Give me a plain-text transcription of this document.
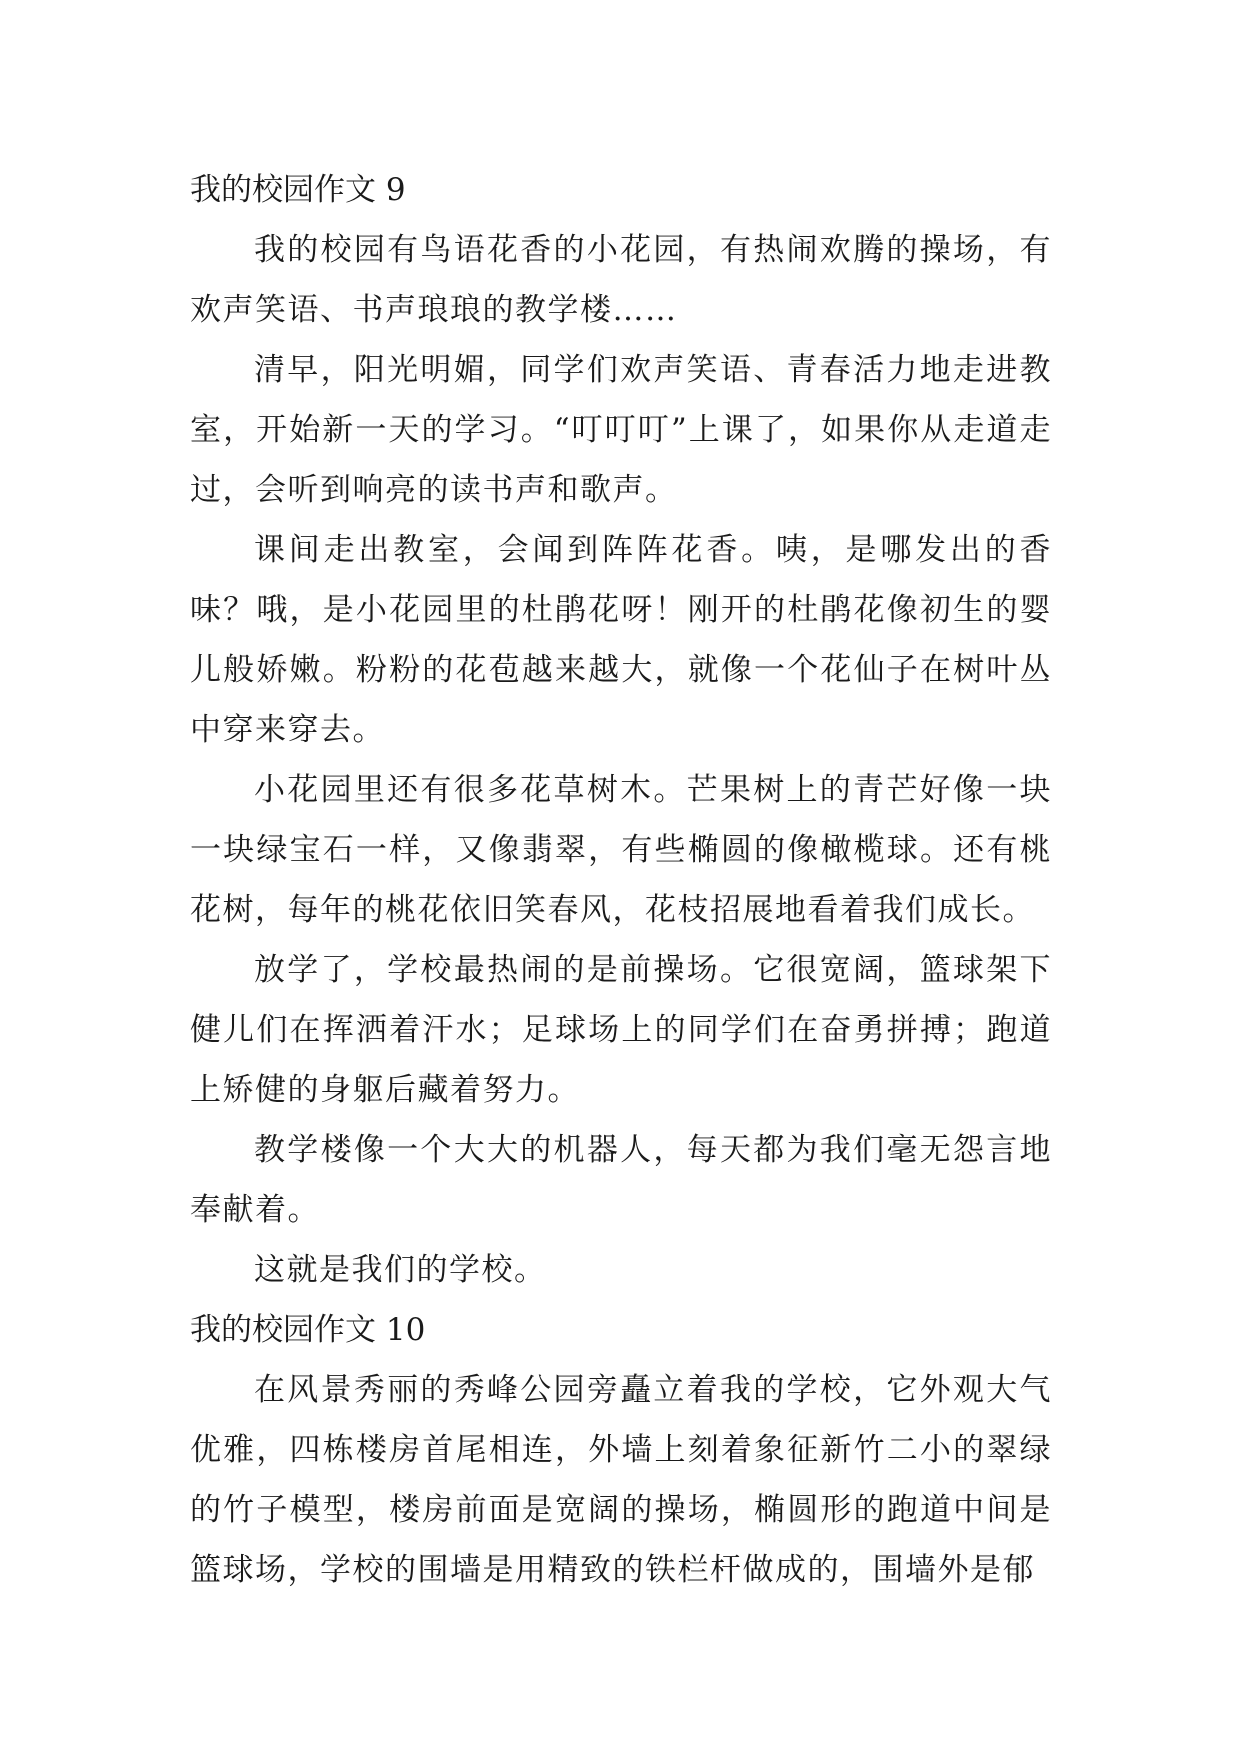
我的校园作文 9

我的校园有鸟语花香的小花园，有热闹欢腾的操场，有欢声笑语、书声琅琅的教学楼……

清早，阳光明媚，同学们欢声笑语、青春活力地走进教室，开始新一天的学习。“叮叮叮”上课了，如果你从走道走过，会听到响亮的读书声和歌声。

课间走出教室，会闻到阵阵花香。咦，是哪发出的香味？哦，是小花园里的杜鹃花呀！刚开的杜鹃花像初生的婴儿般娇嫩。粉粉的花苞越来越大，就像一个花仙子在树叶丛中穿来穿去。

小花园里还有很多花草树木。芒果树上的青芒好像一块一块绿宝石一样，又像翡翠，有些椭圆的像橄榄球。还有桃花树，每年的桃花依旧笑春风，花枝招展地看着我们成长。

放学了，学校最热闹的是前操场。它很宽阔，篮球架下健儿们在挥洒着汗水；足球场上的同学们在奋勇拼搏；跑道上矫健的身躯后藏着努力。

教学楼像一个大大的机器人，每天都为我们毫无怨言地奉献着。

这就是我们的学校。

我的校园作文 10

在风景秀丽的秀峰公园旁矗立着我的学校，它外观大气优雅，四栋楼房首尾相连，外墙上刻着象征新竹二小的翠绿的竹子模型，楼房前面是宽阔的操场，椭圆形的跑道中间是篮球场，学校的围墙是用精致的铁栏杆做成的，围墙外是郁
